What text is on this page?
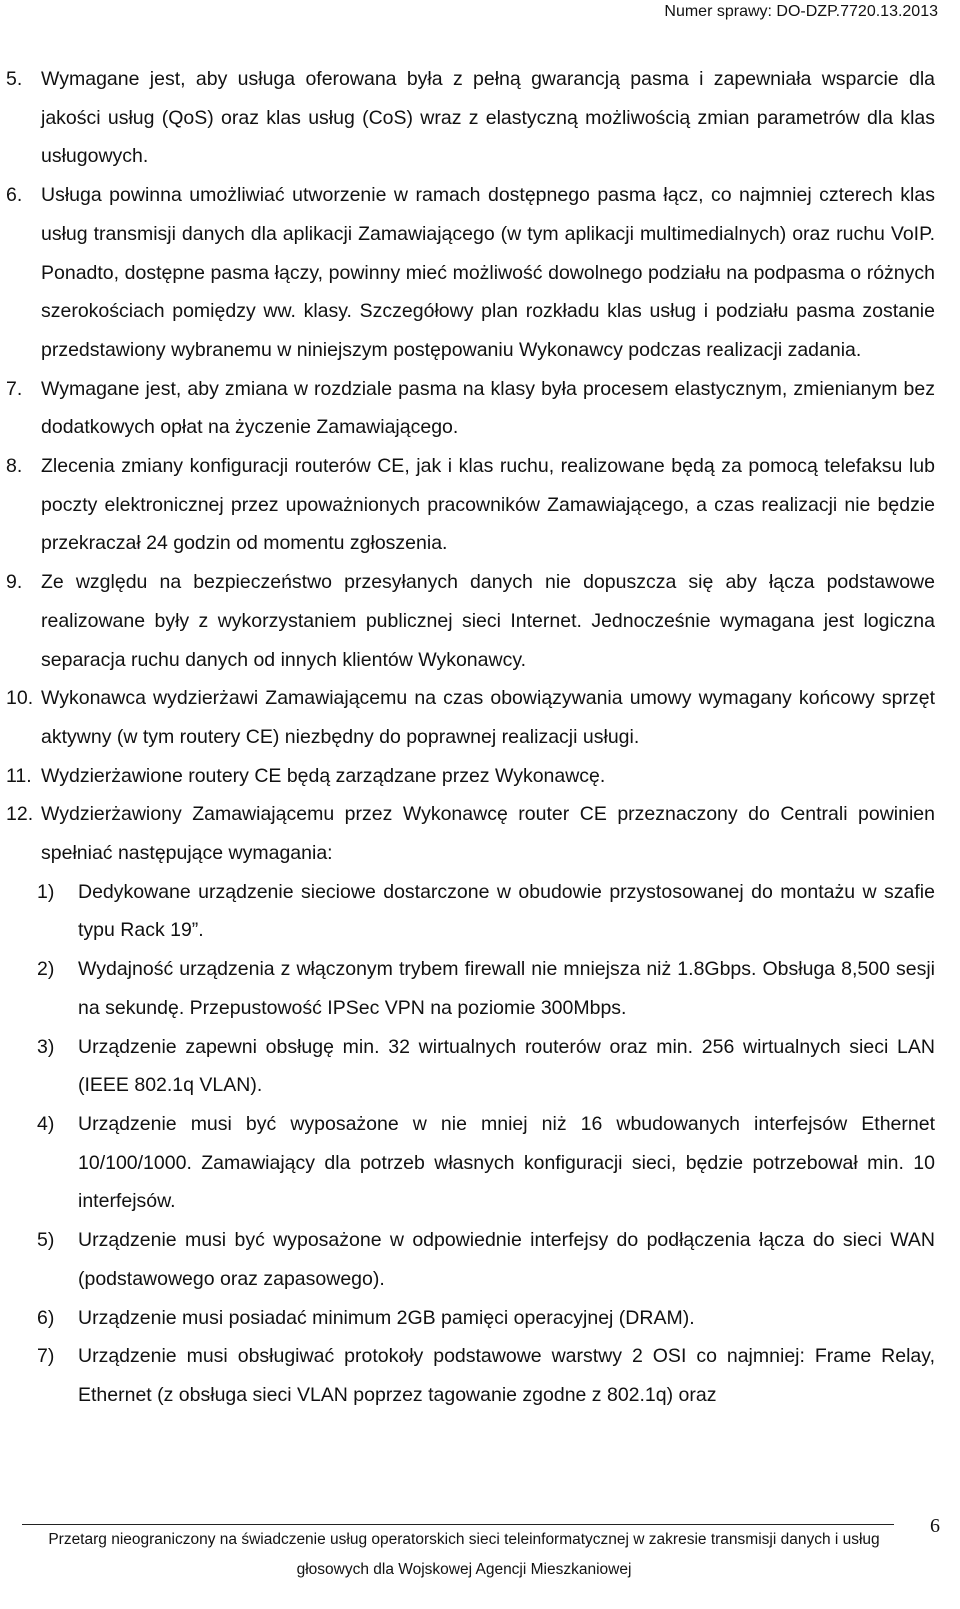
Numer sprawy: DO-DZP.7720.13.2013

5. Wymagane jest, aby usługa oferowana była z pełną gwarancją pasma i zapewniała wsparcie dla jakości usług (QoS) oraz klas usług (CoS) wraz z elastyczną możliwością zmian parametrów dla klas usługowych.

6. Usługa powinna umożliwiać utworzenie w ramach dostępnego pasma łącz, co najmniej czterech klas usług transmisji danych dla aplikacji Zamawiającego (w tym aplikacji multimedialnych) oraz ruchu VoIP. Ponadto, dostępne pasma łączy, powinny mieć możliwość dowolnego podziału na podpasma o różnych szerokościach pomiędzy ww. klasy. Szczegółowy plan rozkładu klas usług i podziału pasma zostanie przedstawiony wybranemu w niniejszym postępowaniu Wykonawcy podczas realizacji zadania.

7. Wymagane jest, aby zmiana w rozdziale pasma na klasy była procesem elastycznym, zmienianym bez dodatkowych opłat na życzenie Zamawiającego.

8. Zlecenia zmiany konfiguracji routerów CE, jak i klas ruchu, realizowane będą za pomocą telefaksu lub poczty elektronicznej przez upoważnionych pracowników Zamawiającego, a czas realizacji nie będzie przekraczał 24 godzin od momentu zgłoszenia.

9. Ze względu na bezpieczeństwo przesyłanych danych nie dopuszcza się aby łącza podstawowe realizowane były z wykorzystaniem publicznej sieci Internet. Jednocześnie wymagana jest logiczna separacja ruchu danych od innych klientów Wykonawcy.

10. Wykonawca wydzierżawi Zamawiającemu na czas obowiązywania umowy wymagany końcowy sprzęt aktywny (w tym routery CE) niezbędny do poprawnej realizacji usługi.

11. Wydzierżawione routery CE będą zarządzane przez Wykonawcę.

12. Wydzierżawiony Zamawiającemu przez Wykonawcę router CE przeznaczony do Centrali powinien spełniać następujące wymagania:

1) Dedykowane urządzenie sieciowe dostarczone w obudowie przystosowanej do montażu w szafie typu Rack 19”.

2) Wydajność urządzenia z włączonym trybem firewall nie mniejsza niż 1.8Gbps. Obsługa 8,500 sesji na sekundę. Przepustowość IPSec VPN na poziomie 300Mbps.

3) Urządzenie zapewni obsługę min. 32 wirtualnych routerów oraz min. 256 wirtualnych sieci LAN (IEEE 802.1q VLAN).

4) Urządzenie musi być wyposażone w nie mniej niż 16 wbudowanych interfejsów Ethernet 10/100/1000. Zamawiający dla potrzeb własnych konfiguracji sieci, będzie potrzebował min. 10 interfejsów.

5) Urządzenie musi być wyposażone w odpowiednie interfejsy do podłączenia łącza do sieci WAN (podstawowego oraz zapasowego).

6) Urządzenie musi posiadać minimum 2GB pamięci operacyjnej (DRAM).

7) Urządzenie musi obsługiwać protokoły podstawowe warstwy 2 OSI co najmniej: Frame Relay, Ethernet (z obsługa sieci VLAN poprzez tagowanie zgodne z 802.1q) oraz

Przetarg nieograniczony na świadczenie usług operatorskich sieci teleinformatycznej w zakresie transmisji danych i usług
głosowych dla Wojskowej Agencji Mieszkaniowej
6
